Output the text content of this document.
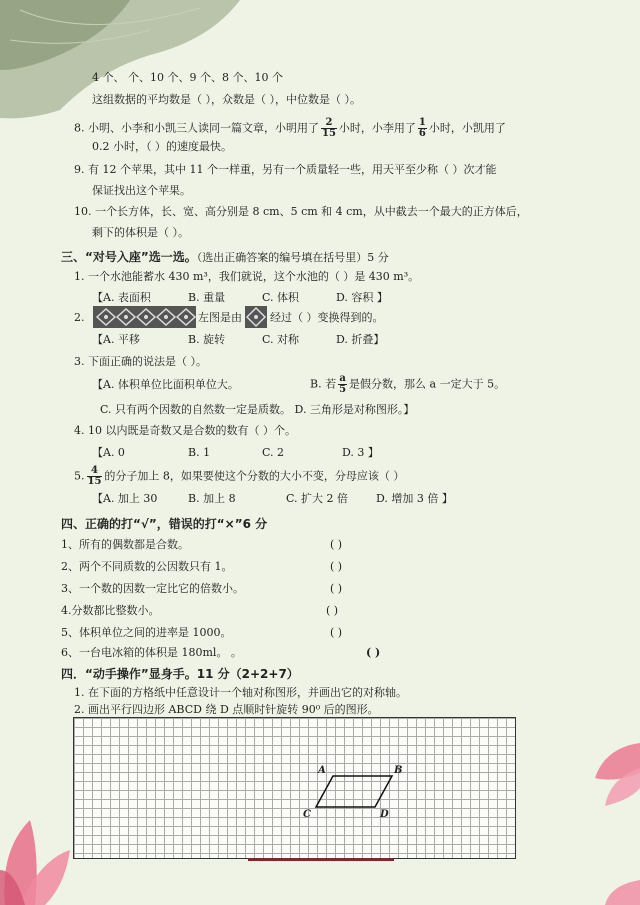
4 个、 个、10 个、9 个、8 个、10 个
这组数据的平均数是（ ），众数是（ ），中位数是（ ）。
8. 小明、小李和小凯三人读同一篇文章，小明用了 $\frac{2}{15}$ 小时，小李用了 $\frac{1}{6}$ 小时，小凯用了
0.2 小时，（ ）的速度最快。
9. 有 12 个苹果，其中 11 个一样重，另有一个质量轻一些，用天平至少称（ ）次才能
保证找出这个苹果。
10. 一个长方体，长、宽、高分别是 8 cm、5 cm 和 4 cm，从中截去一个最大的正方体后，
剩下的体积是（ ）。
三、“对号入座”选一选。（选出正确答案的编号填在括号里）5 分
1. 一个水池能蓄水 430 m³，我们就说，这个水池的（ ）是 430 m³。
【A. 表面积	B. 重量	C. 体积	D. 容积 】
2.	左图是由	经过（ ）变换得到的。
【A. 平移	B. 旋转	C. 对称	D. 折叠】
3. 下面正确的说法是（ ）。
【A. 体积单位比面积单位大。	B. 若 $\frac{a}{5}$ 是假分数，那么 a 一定大于 5。
C. 只有两个因数的自然数一定是质数。 D. 三角形是对称图形。】
4. 10 以内既是奇数又是合数的数有（ ）个。
【A. 0	B. 1	C. 2	D. 3 】
5. $\frac{4}{15}$ 的分子加上 8，如果要使这个分数的大小不变，分母应该（ ）
【A. 加上 30	B. 加上 8	C. 扩大 2 倍	D. 增加 3 倍 】
四、正确的打“√”，错误的打“×”6 分
1、所有的偶数都是合数。	( )
2、两个不同质数的公因数只有 1。	( )
3、一个数的因数一定比它的倍数小。	( )
4.分数都比整数小。	( )
5、体积单位之间的进率是 1000。	( )
6、一台电冰箱的体积是 180ml。 。	( )
四．“动手操作”显身手。11 分（2+2+7）
1. 在下面的方格纸中任意设计一个轴对称图形，并画出它的对称轴。
2. 画出平行四边形 ABCD 绕 D 点顺时针旋转 90⁰ 后的图形。
A	B
C	D
